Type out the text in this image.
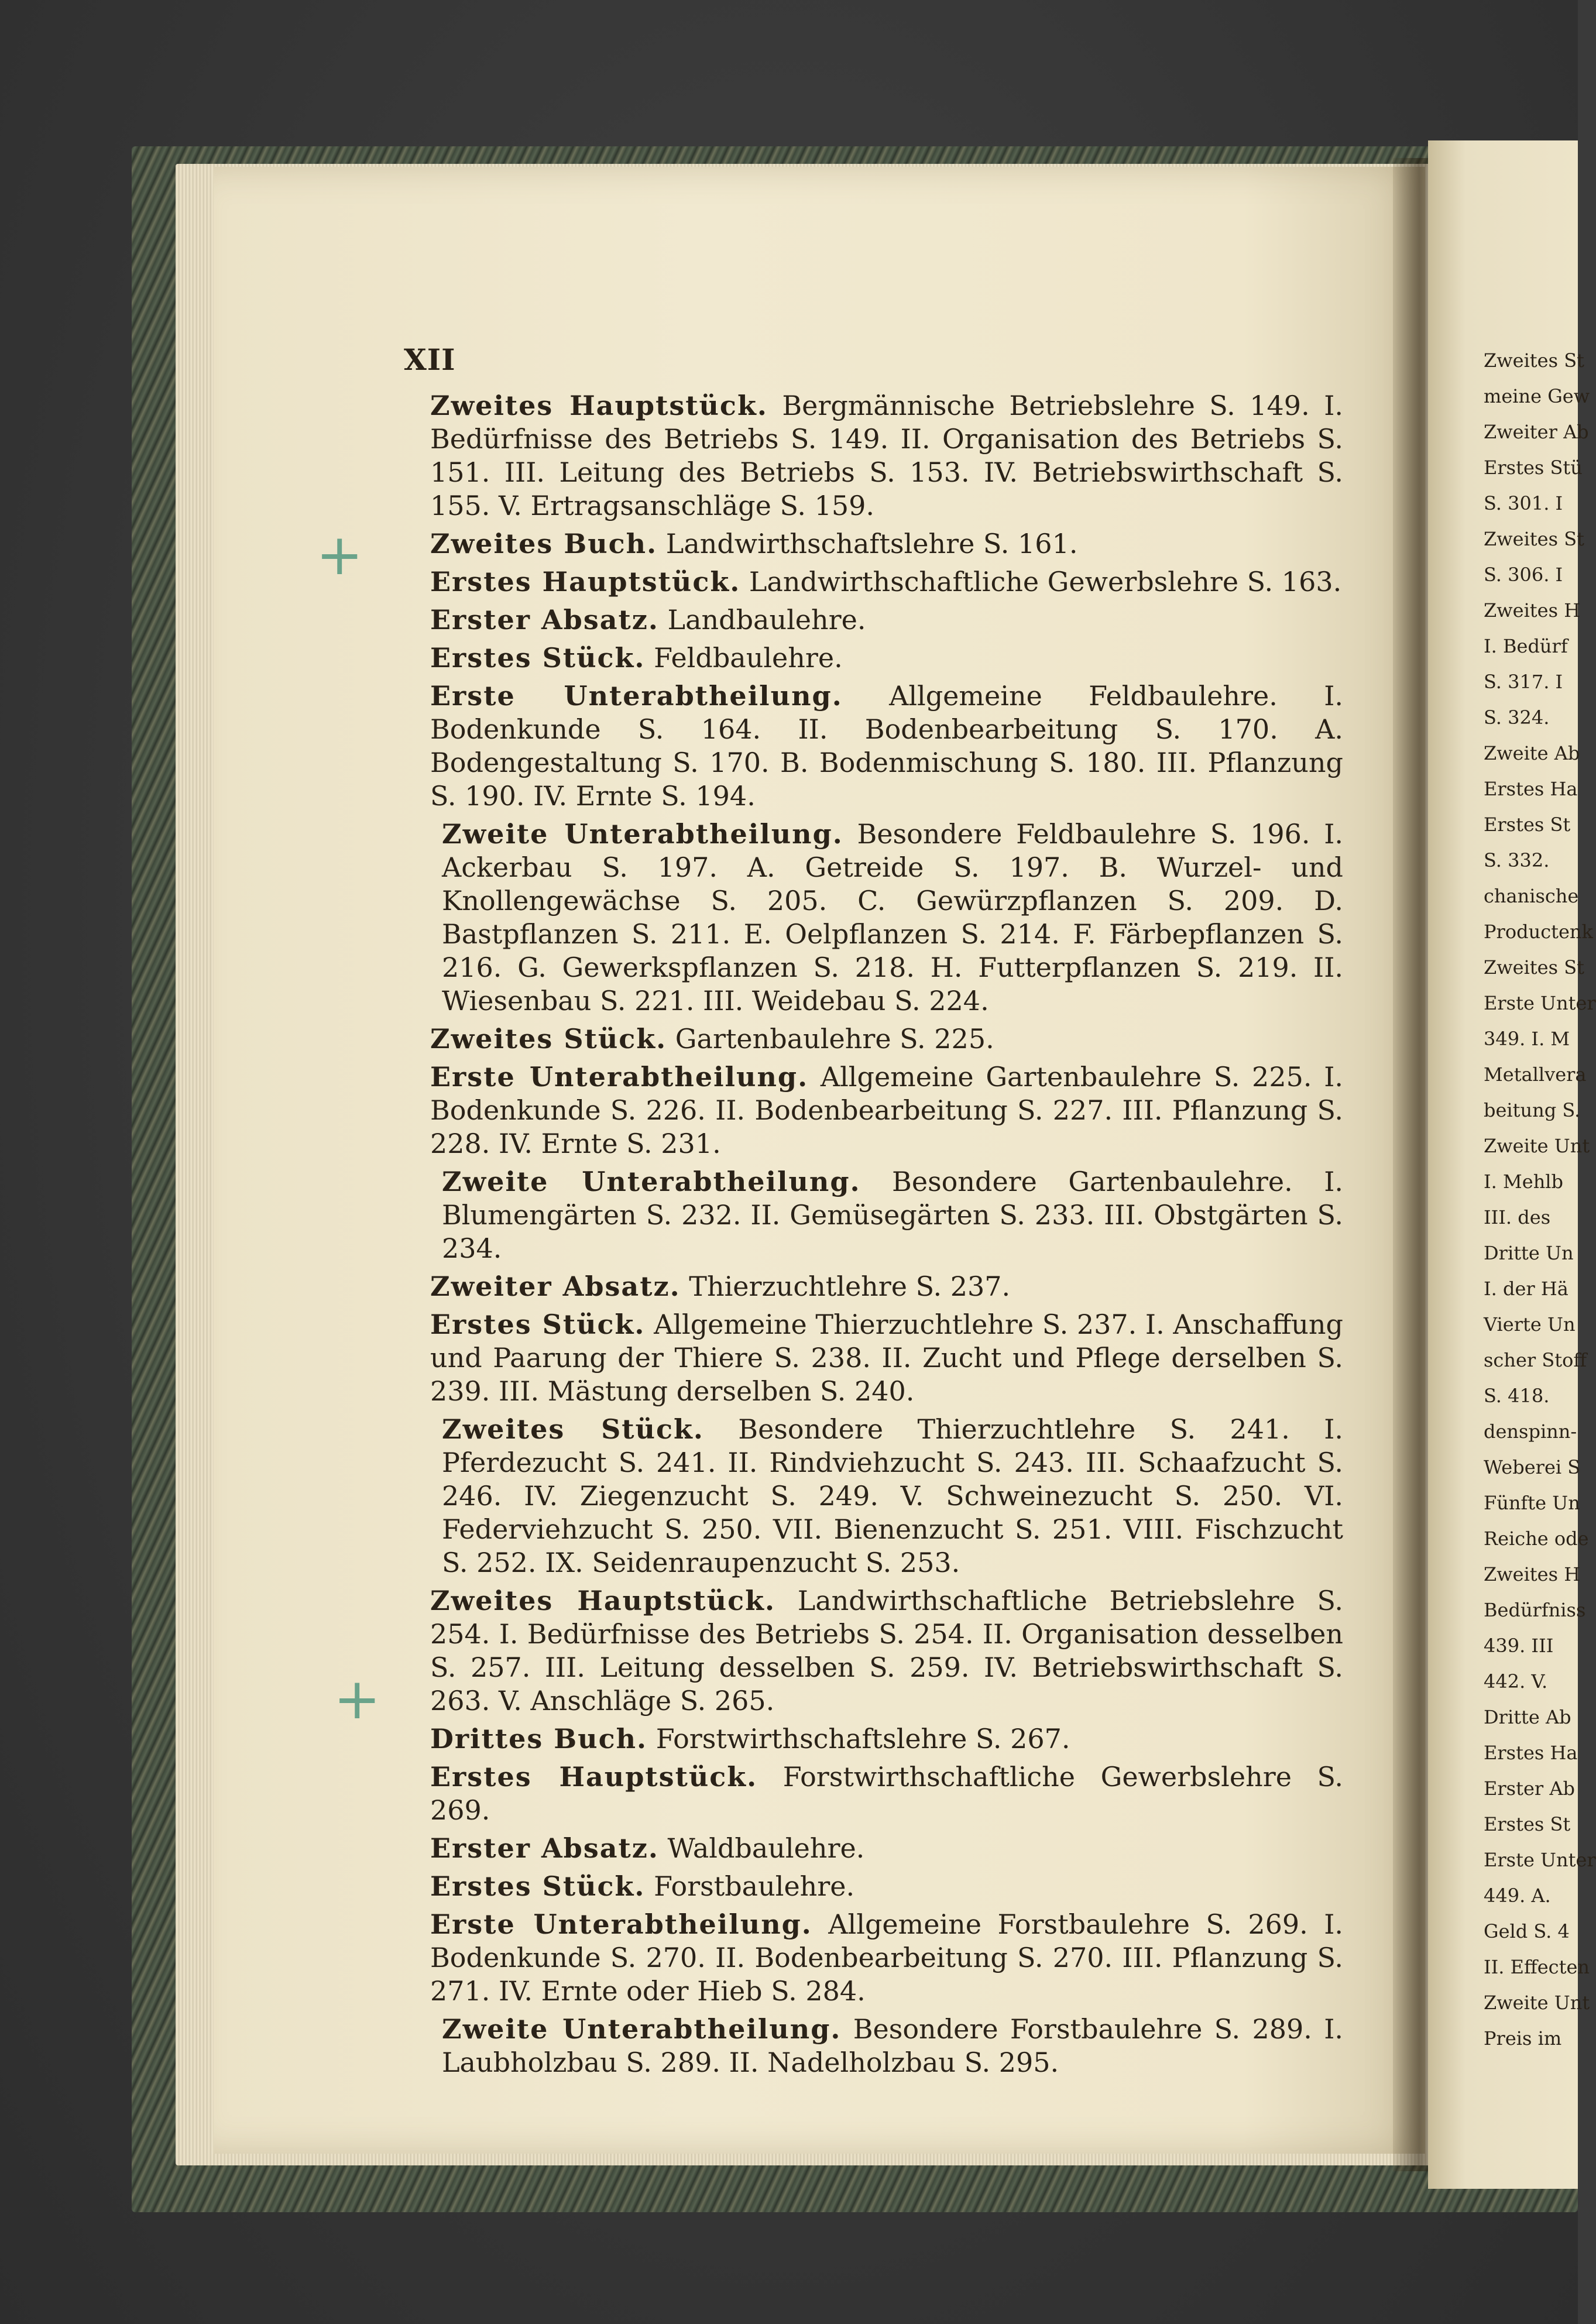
Zweites St
meine Gew
Zweiter Ab
Erstes Stü
S. 301. I
Zweites St
S. 306. I
Zweites H
I. Bedürf
S. 317. I
S. 324.
Zweite Ab
Erstes Ha
Erstes St
S. 332.
chanische
Productenk
Zweites St
Erste Unter
349. I. M
Metallvera
beitung S.
Zweite Unt
I. Mehlb
III. des
Dritte Un
I. der Hä
Vierte Un
scher Stoff
S. 418.
denspinn-
Weberei S
Fünfte Un
Reiche ode
Zweites H
Bedürfniss
439. III
442. V.
Dritte Ab
Erstes Ha
Erster Ab
Erstes St
Erste Unter
449. A.
Geld S. 4
II. Effecten
Zweite Unt
Preis im
+
+
XII
Zweites Hauptstück. Bergmännische Betriebslehre S. 149. I. Bedürfnisse des Betriebs S. 149. II. Organisation des Betriebs S. 151. III. Leitung des Betriebs S. 153. IV. Betriebswirthschaft S. 155. V. Ertragsanschläge S. 159.
Zweites Buch. Landwirthschaftslehre S. 161.
Erstes Hauptstück. Landwirthschaftliche Gewerbslehre S. 163.
Erster Absatz. Landbaulehre.
Erstes Stück. Feldbaulehre.
Erste Unterabtheilung. Allgemeine Feldbaulehre. I. Bodenkunde S. 164. II. Bodenbearbeitung S. 170. A. Bodengestaltung S. 170. B. Bodenmischung S. 180. III. Pflanzung S. 190. IV. Ernte S. 194.
Zweite Unterabtheilung. Besondere Feldbaulehre S. 196. I. Ackerbau S. 197. A. Getreide S. 197. B. Wurzel- und Knollengewächse S. 205. C. Gewürzpflanzen S. 209. D. Bastpflanzen S. 211. E. Oelpflanzen S. 214. F. Färbepflanzen S. 216. G. Gewerkspflanzen S. 218. H. Futterpflanzen S. 219. II. Wiesenbau S. 221. III. Weidebau S. 224.
Zweites Stück. Gartenbaulehre S. 225.
Erste Unterabtheilung. Allgemeine Gartenbaulehre S. 225. I. Bodenkunde S. 226. II. Bodenbearbeitung S. 227. III. Pflanzung S. 228. IV. Ernte S. 231.
Zweite Unterabtheilung. Besondere Gartenbaulehre. I. Blumengärten S. 232. II. Gemüsegärten S. 233. III. Obstgärten S. 234.
Zweiter Absatz. Thierzuchtlehre S. 237.
Erstes Stück. Allgemeine Thierzuchtlehre S. 237. I. Anschaffung und Paarung der Thiere S. 238. II. Zucht und Pflege derselben S. 239. III. Mästung derselben S. 240.
Zweites Stück. Besondere Thierzuchtlehre S. 241. I. Pferdezucht S. 241. II. Rindviehzucht S. 243. III. Schaafzucht S. 246. IV. Ziegenzucht S. 249. V. Schweinezucht S. 250. VI. Federviehzucht S. 250. VII. Bienenzucht S. 251. VIII. Fischzucht S. 252. IX. Seidenraupenzucht S. 253.
Zweites Hauptstück. Landwirthschaftliche Betriebslehre S. 254. I. Bedürfnisse des Betriebs S. 254. II. Organisation desselben S. 257. III. Leitung desselben S. 259. IV. Betriebswirthschaft S. 263. V. Anschläge S. 265.
Drittes Buch. Forstwirthschaftslehre S. 267.
Erstes Hauptstück. Forstwirthschaftliche Gewerbslehre S. 269.
Erster Absatz. Waldbaulehre.
Erstes Stück. Forstbaulehre.
Erste Unterabtheilung. Allgemeine Forstbaulehre S. 269. I. Bodenkunde S. 270. II. Bodenbearbeitung S. 270. III. Pflanzung S. 271. IV. Ernte oder Hieb S. 284.
Zweite Unterabtheilung. Besondere Forstbaulehre S. 289. I. Laubholzbau S. 289. II. Nadelholzbau S. 295.
